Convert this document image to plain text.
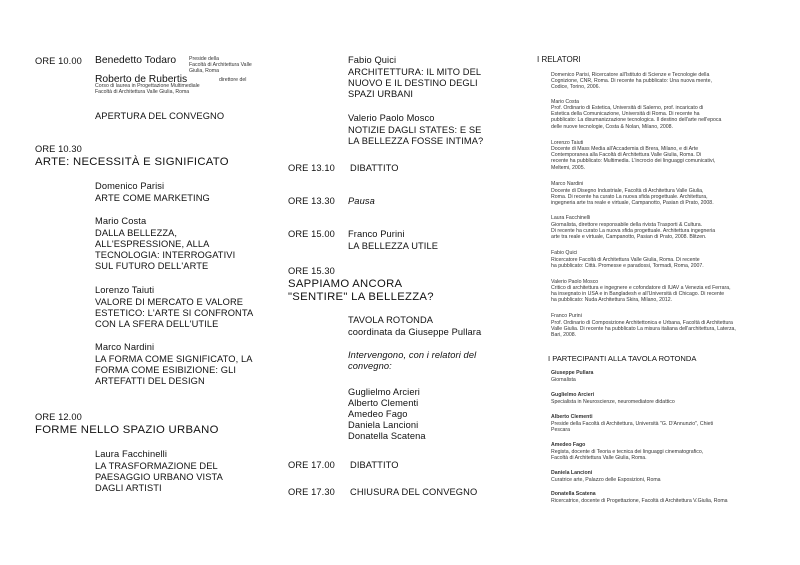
ORE 10.00 Benedetto Todaro Preside della
Facoltà di Architettura Valle Giulia, Roma
Roberto de Rubertis	direttore del
Corso di laurea in Progettazione Multimediale
Facoltà di Architettura Valle Giulia, Roma
APERTURA DEL CONVEGNO
ORE 10.30
ARTE: NECESSITÀ E SIGNIFICATO
Domenico Parisi
ARTE COME MARKETING
Mario Costa
DALLA BELLEZZA,
ALL'ESPRESSIONE, ALLA
TECNOLOGIA: INTERROGATIVI
SUL FUTURO DELL'ARTE
Lorenzo Taiuti
VALORE DI MERCATO E VALORE
ESTETICO: L'ARTE SI CONFRONTA
CON LA SFERA DELL'UTILE
Marco Nardini
LA FORMA COME SIGNIFICATO, LA
FORMA COME ESIBIZIONE: GLI
ARTEFATTI DEL DESIGN
ORE 12.00
FORME NELLO SPAZIO URBANO
Laura Facchinelli
LA TRASFORMAZIONE DEL
PAESAGGIO URBANO VISTA
DAGLI ARTISTI
Fabio Quici
ARCHITETTURA: IL MITO DEL
NUOVO E IL DESTINO DEGLI
SPAZI URBANI
Valerio Paolo Mosco
NOTIZIE DAGLI STATES: E SE
LA BELLEZZA FOSSE INTIMA?
ORE 13.10 DIBATTITO
ORE 13.30 Pausa
ORE 15.00 Franco Purini
LA BELLEZZA UTILE
ORE 15.30
SAPPIAMO ANCORA
"SENTIRE" LA BELLEZZA?
TAVOLA ROTONDA
coordinata da Giuseppe Pullara
Intervengono, con i relatori del
convegno:
Guglielmo Arcieri
Alberto Clementi
Amedeo Fago
Daniela Lancioni
Donatella Scatena
ORE 17.00 DIBATTITO
ORE 17.30 CHIUSURA DEL CONVEGNO
I RELATORI
Domenico Parisi, Ricercatore all'Istituto di Scienze e Tecnologie della
Cognizione, CNR, Roma. Di recente ha pubblicato: Una nuova mente,
Codice, Torino, 2006.
Mario Costa
Prof. Ordinario di Estetica, Università di Salerno, prof. incaricato di
Estetica della Comunicazione, Università di Roma. Di recente ha
pubblicato: La disumanizzazione tecnologica. Il destino dell'arte nell'epoca
delle nuove tecnologie, Costa & Nolan, Milano, 2008.
Lorenzo Taiuti
Docente di Mass Media all'Accademia di Brera, Milano, e di Arte
Contemporanea alla Facoltà di Architettura Valle Giulia, Roma. Di
recente ha pubblicato: Multimedia. L'incrocio dei linguaggi comunicativi,
Meltemi, 2005.
Marco Nardini
Docente di Disegno Industriale, Facoltà di Architettura Valle Giulia,
Roma. Di recente ha curato La nuova sfida progettuale. Architettura,
ingegneria arte tra reale e virtuale, Campanotto, Pasian di Prato, 2008.
Laura Facchinelli
Giornalista, direttore responsabile della rivista Trasporti & Cultura.
Di recente ha curato La nuova sfida progettuale. Architettura ingegneria
arte tra reale e virtuale, Campanotto, Pasian di Prato, 2008. Blitzen.
Fabio Quici
Ricercatore Facoltà di Architettura Valle Giulia, Roma. Di recente
ha pubblicato: Città. Promesse e paradossi, Tormadi, Roma, 2007.
Valerio Paolo Mosco
Critico di architettura e ingegnere e cofondatore di IUAV a Venezia ed Ferrara,
ha insegnato in USA e in Bangladesh e all'Università di Chicago. Di recente
ha pubblicato: Nuda Architettura Skira, Milano, 2012.
Franco Purini
Prof. Ordinario di Composizione Architettonica e Urbana, Facoltà di Architettura
Valle Giulia. Di recente ha pubblicato La misura italiana dell'architettura, Laterza,
Bari, 2008.
I PARTECIPANTI ALLA TAVOLA ROTONDA
Giuseppe Pullara
Giornalista
Guglielmo Arcieri
Specialista in Neuroscienze, neuromediatore didattico
Alberto Clementi
Preside della Facoltà di Architettura, Università "G. D'Annunzio", Chieti
Pescara
Amedeo Fago
Regista, docente di Teoria e tecnica dei linguaggi cinematografico,
Facoltà di Architettura Valle Giulia, Roma.
Daniela Lancioni
Curatrice arte, Palazzo delle Esposizioni, Roma
Donatella Scatena
Ricercatrice, docente di Progettazione, Facoltà di Architettura V.Giulia, Roma
